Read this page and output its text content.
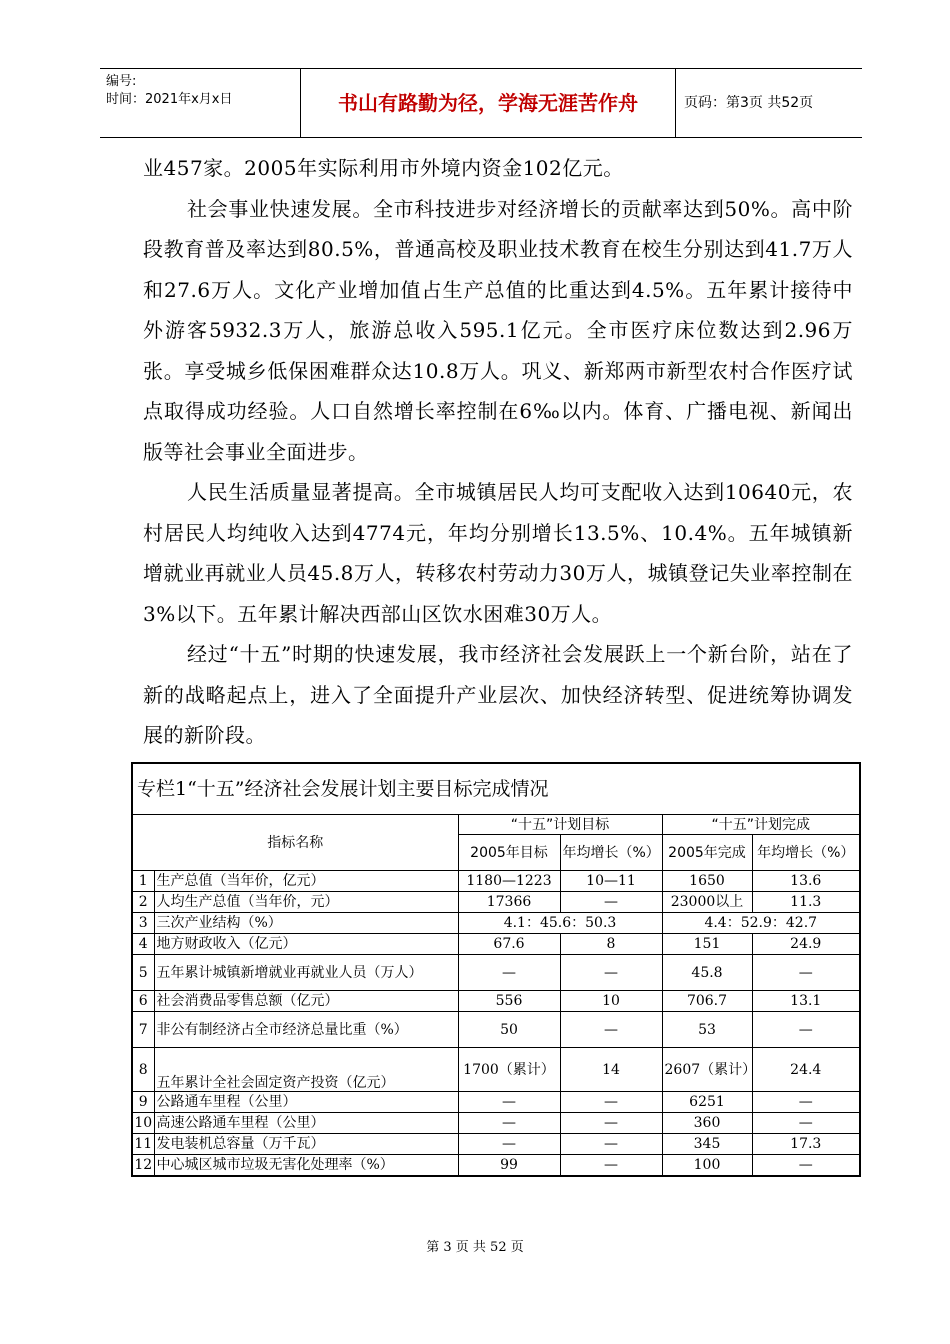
编号:
时间：2021年x月x日	书山有路勤为径，学海无涯苦作舟	页码：第3页 共52页

业457家。2005年实际利用市外境内资金102亿元。

社会事业快速发展。全市科技进步对经济增长的贡献率达到50%。高中阶段教育普及率达到80.5%，普通高校及职业技术教育在校生分别达到41.7万人和27.6万人。文化产业增加值占生产总值的比重达到4.5%。五年累计接待中外游客5932.3万人，旅游总收入595.1亿元。全市医疗床位数达到2.96万张。享受城乡低保困难群众达10.8万人。巩义、新郑两市新型农村合作医疗试点取得成功经验。人口自然增长率控制在6‰以内。体育、广播电视、新闻出版等社会事业全面进步。

人民生活质量显著提高。全市城镇居民人均可支配收入达到10640元，农村居民人均纯收入达到4774元，年均分别增长13.5%、10.4%。五年城镇新增就业再就业人员45.8万人，转移农村劳动力30万人，城镇登记失业率控制在3%以下。五年累计解决西部山区饮水困难30万人。

经过“十五”时期的快速发展，我市经济社会发展跃上一个新台阶，站在了新的战略起点上，进入了全面提升产业层次、加快经济转型、促进统筹协调发展的新阶段。

专栏1“十五”经济社会发展计划主要目标完成情况					
指标名称		“十五”计划目标		“十五”计划完成	
		2005年目标	年均增长（%）	2005年完成	年均增长（%）
1	生产总值（当年价，亿元）	1180—1223	10—11	1650	13.6
2	人均生产总值（当年价，元）	17366	—	23000以上	11.3
3	三次产业结构（%）	4.1：45.6：50.3		4.4：52.9：42.7	
4	地方财政收入（亿元）	67.6	8	151	24.9
5	五年累计城镇新增就业再就业人员（万人）	—	—	45.8	—
6	社会消费品零售总额（亿元）	556	10	706.7	13.1
7	非公有制经济占全市经济总量比重（%）	50	—	53	—
8	五年累计全社会固定资产投资（亿元）	1700（累计）	14	2607（累计）	24.4
9	公路通车里程（公里）	—	—	6251	—
10	高速公路通车里程（公里）	—	—	360	—
11	发电装机总容量（万千瓦）	—	—	345	17.3
12	中心城区城市垃圾无害化处理率（%）	99	—	100	—
第 3 页 共 52 页
